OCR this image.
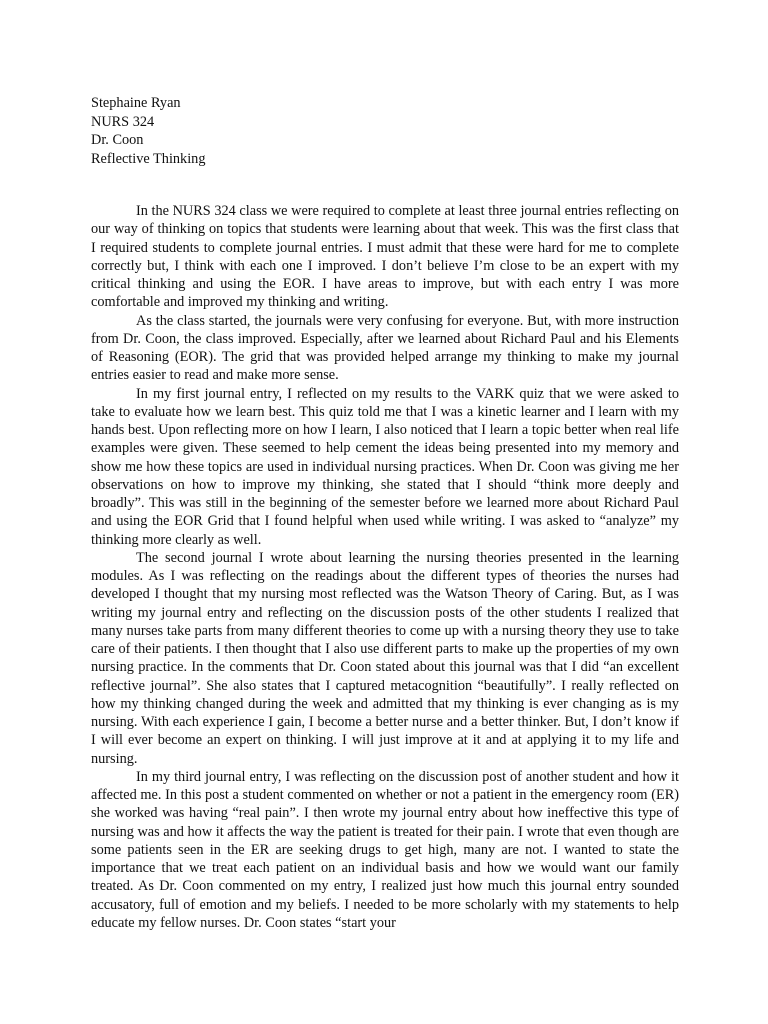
Stephaine Ryan
NURS 324
Dr. Coon
Reflective Thinking

In the NURS 324 class we were required to complete at least three journal entries reflecting on our way of thinking on topics that students were learning about that week. This was the first class that I required students to complete journal entries. I must admit that these were hard for me to complete correctly but, I think with each one I improved. I don’t believe I’m close to be an expert with my critical thinking and using the EOR. I have areas to improve, but with each entry I was more comfortable and improved my thinking and writing.

As the class started, the journals were very confusing for everyone. But, with more instruction from Dr. Coon, the class improved. Especially, after we learned about Richard Paul and his Elements of Reasoning (EOR). The grid that was provided helped arrange my thinking to make my journal entries easier to read and make more sense.

In my first journal entry, I reflected on my results to the VARK quiz that we were asked to take to evaluate how we learn best. This quiz told me that I was a kinetic learner and I learn with my hands best. Upon reflecting more on how I learn, I also noticed that I learn a topic better when real life examples were given. These seemed to help cement the ideas being presented into my memory and show me how these topics are used in individual nursing practices. When Dr. Coon was giving me her observations on how to improve my thinking, she stated that I should “think more deeply and broadly”. This was still in the beginning of the semester before we learned more about Richard Paul and using the EOR Grid that I found helpful when used while writing. I was asked to “analyze” my thinking more clearly as well.

The second journal I wrote about learning the nursing theories presented in the learning modules. As I was reflecting on the readings about the different types of theories the nurses had developed I thought that my nursing most reflected was the Watson Theory of Caring. But, as I was writing my journal entry and reflecting on the discussion posts of the other students I realized that many nurses take parts from many different theories to come up with a nursing theory they use to take care of their patients. I then thought that I also use different parts to make up the properties of my own nursing practice. In the comments that Dr. Coon stated about this journal was that I did “an excellent reflective journal”. She also states that I captured metacognition “beautifully”. I really reflected on how my thinking changed during the week and admitted that my thinking is ever changing as is my nursing. With each experience I gain, I become a better nurse and a better thinker. But, I don’t know if I will ever become an expert on thinking. I will just improve at it and at applying it to my life and nursing.

In my third journal entry, I was reflecting on the discussion post of another student and how it affected me. In this post a student commented on whether or not a patient in the emergency room (ER) she worked was having “real pain”. I then wrote my journal entry about how ineffective this type of nursing was and how it affects the way the patient is treated for their pain. I wrote that even though are some patients seen in the ER are seeking drugs to get high, many are not. I wanted to state the importance that we treat each patient on an individual basis and how we would want our family treated. As Dr. Coon commented on my entry, I realized just how much this journal entry sounded accusatory, full of emotion and my beliefs. I needed to be more scholarly with my statements to help educate my fellow nurses. Dr. Coon states “start your
